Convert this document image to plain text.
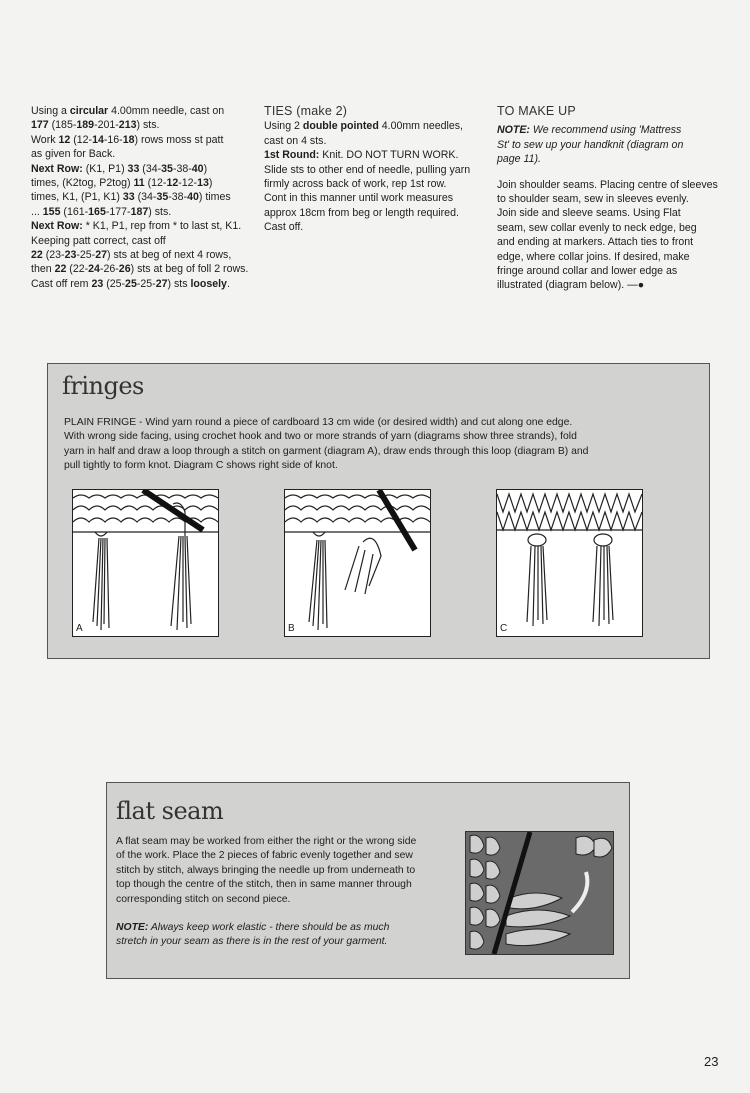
Using a circular 4.00mm needle, cast on
177 (185-189-201-213) sts.
Work 12 (12-14-16-18) rows moss st patt
as given for Back.
Next Row: (K1, P1) 33 (34-35-38-40)
times, (K2tog, P2tog) 11 (12-12-12-13)
times, K1, (P1, K1) 33 (34-35-38-40) times
... 155 (161-165-177-187) sts.
Next Row: * K1, P1, rep from * to last st, K1.
Keeping patt correct, cast off
22 (23-23-25-27) sts at beg of next 4 rows,
then 22 (22-24-26-26) sts at beg of foll 2 rows.
Cast off rem 23 (25-25-25-27) sts loosely.
TIES (make 2)
Using 2 double pointed 4.00mm needles,
cast on 4 sts.
1st Round: Knit. DO NOT TURN WORK.
Slide sts to other end of needle, pulling yarn
firmly across back of work, rep 1st row.
Cont in this manner until work measures
approx 18cm from beg or length required.
Cast off.
TO MAKE UP
NOTE: We recommend using 'Mattress
St' to sew up your handknit (diagram on
page 11).
Join shoulder seams. Placing centre of sleeves
to shoulder seam, sew in sleeves evenly.
Join side and sleeve seams. Using Flat
seam, sew collar evenly to neck edge, beg
and ending at markers. Attach ties to front
edge, where collar joins. If desired, make
fringe around collar and lower edge as
illustrated (diagram below). —●
fringes
PLAIN FRINGE - Wind yarn round a piece of cardboard 13 cm wide (or desired width) and cut along one edge.
With wrong side facing, using crochet hook and two or more strands of yarn (diagrams show three strands), fold
yarn in half and draw a loop through a stitch on garment (diagram A), draw ends through this loop (diagram B) and
pull tightly to form knot. Diagram C shows right side of knot.
A	B	C
flat seam
A flat seam may be worked from either the right or the wrong side
of the work. Place the 2 pieces of fabric evenly together and sew
stitch by stitch, always bringing the needle up from underneath to
top though the centre of the stitch, then in same manner through
corresponding stitch on second piece.
NOTE: Always keep work elastic - there should be as much
stretch in your seam as there is in the rest of your garment.
23
